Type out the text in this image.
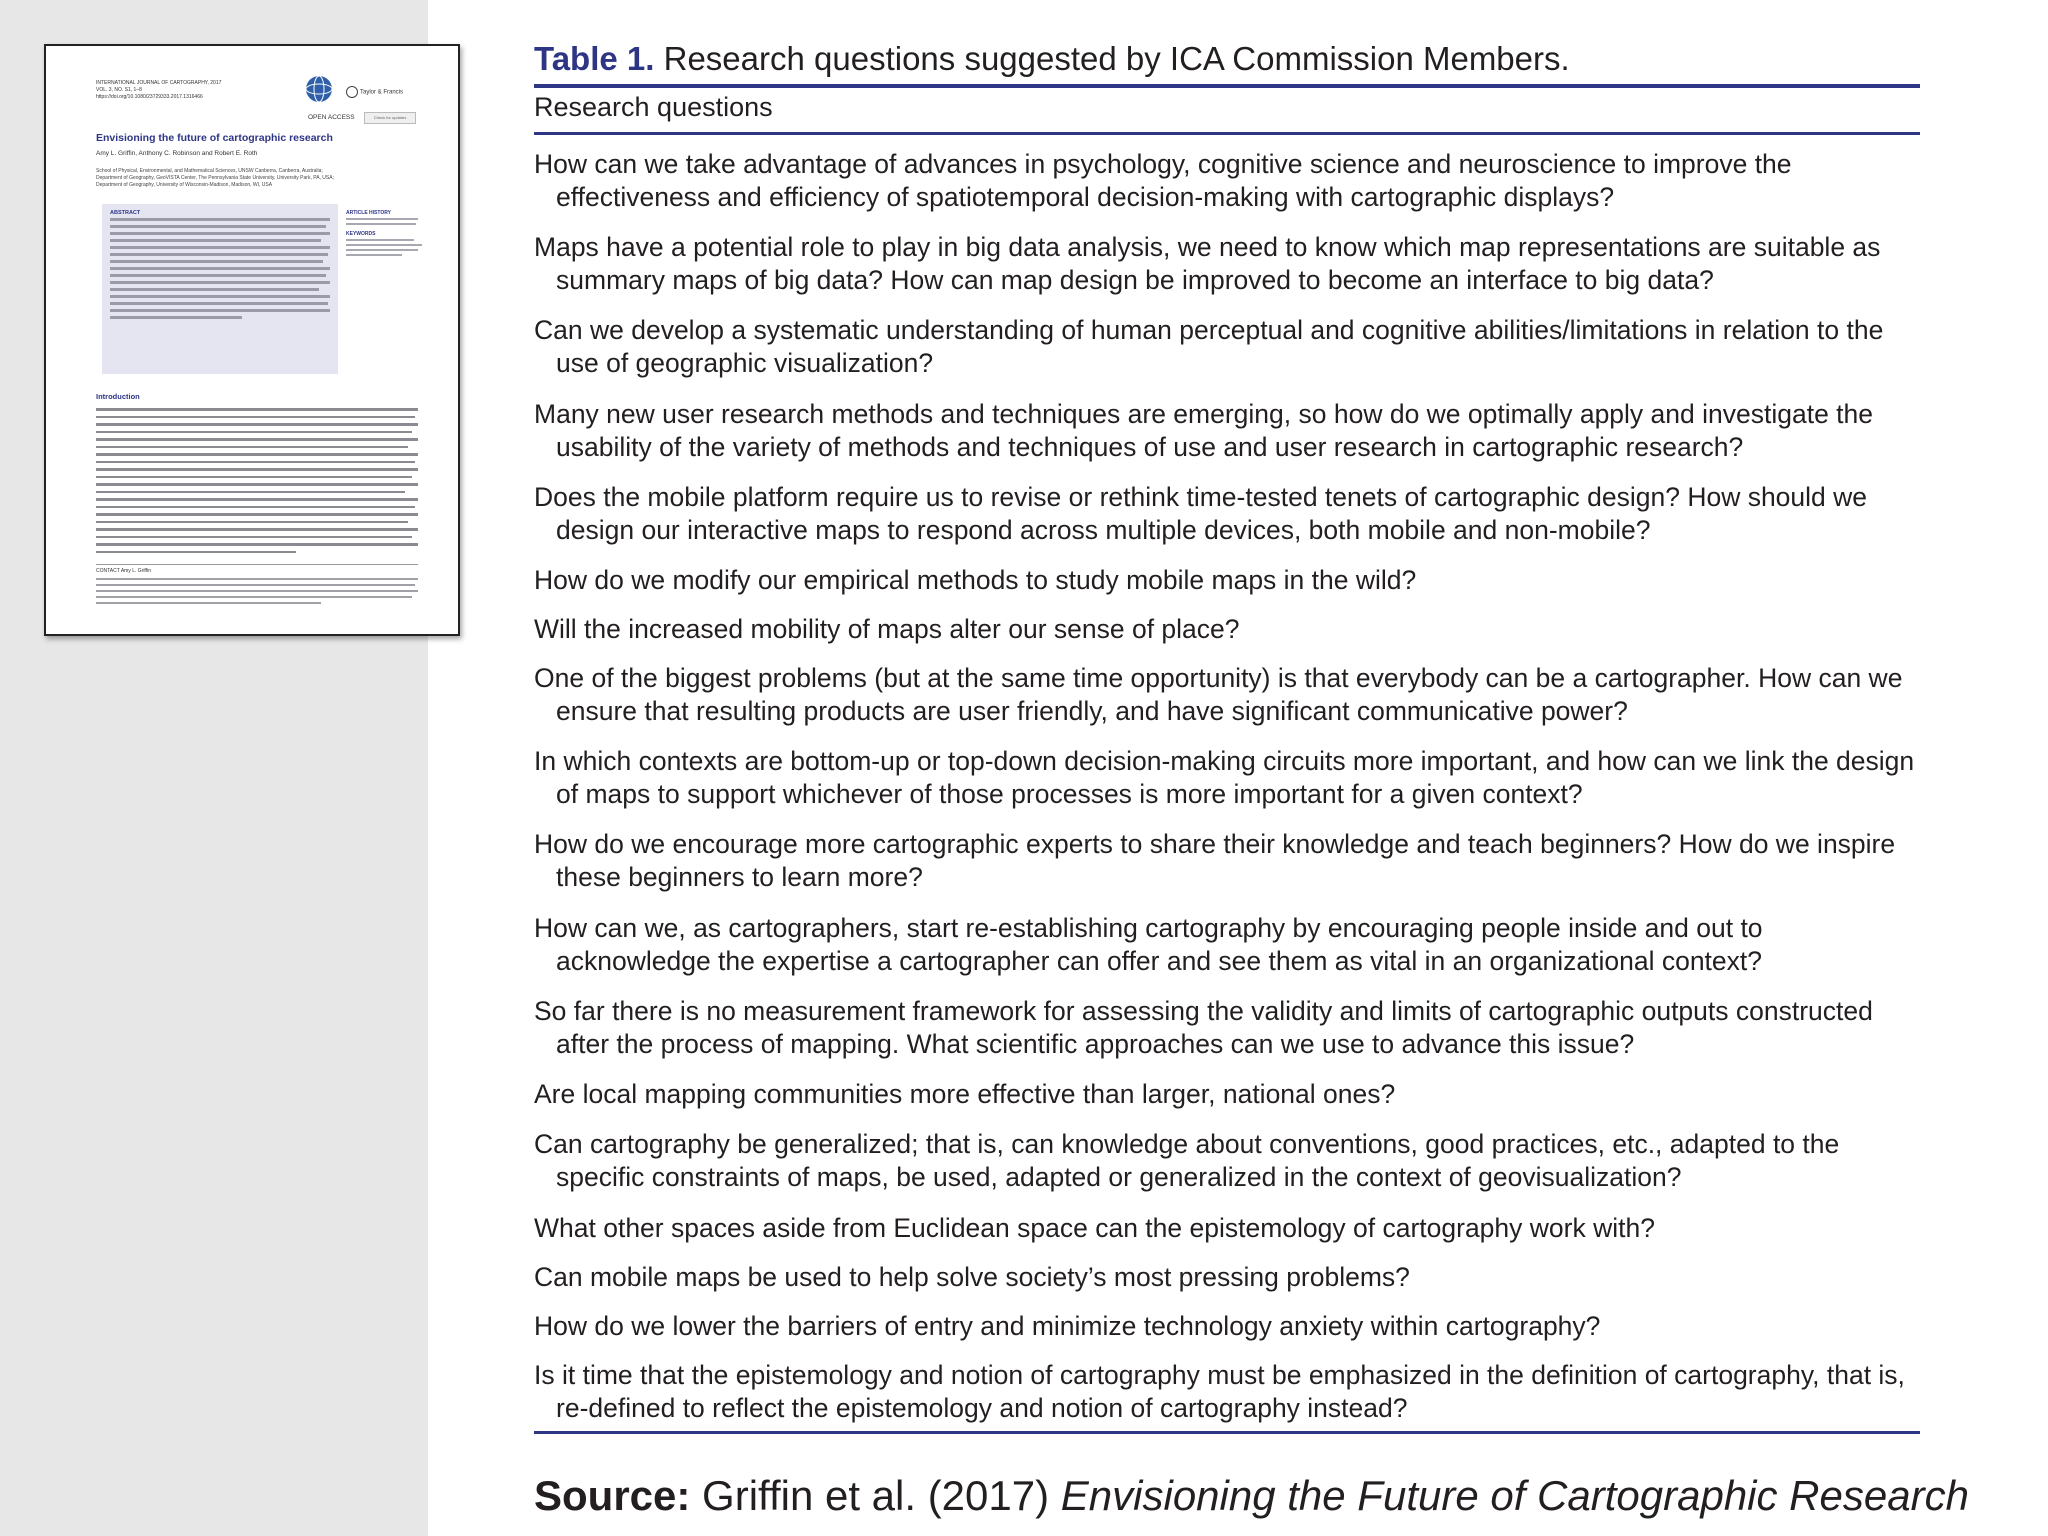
INTERNATIONAL JOURNAL OF CARTOGRAPHY, 2017
VOL. 3, NO. S1, 1–8
https://doi.org/10.1080/23729333.2017.1316466
Taylor & Francis
OPEN ACCESS	Check for updates
Envisioning the future of cartographic research
Amy L. Griffin, Anthony C. Robinson and Robert E. Roth
School of Physical, Environmental, and Mathematical Sciences, UNSW Canberra, Canberra, Australia;
Department of Geography, GeoVISTA Center, The Pennsylvania State University, University Park, PA, USA;
Department of Geography, University of Wisconsin-Madison, Madison, WI, USA
ABSTRACT	ARTICLE HISTORY
KEYWORDS
Introduction
CONTACT Amy L. Griffin
Table 1. Research questions suggested by ICA Commission Members.
Research questions
How can we take advantage of advances in psychology, cognitive science and neuroscience to improve the effectiveness and efficiency of spatiotemporal decision-making with cartographic displays?
Maps have a potential role to play in big data analysis, we need to know which map representations are suitable as summary maps of big data? How can map design be improved to become an interface to big data?
Can we develop a systematic understanding of human perceptual and cognitive abilities/limitations in relation to the use of geographic visualization?
Many new user research methods and techniques are emerging, so how do we optimally apply and investigate the usability of the variety of methods and techniques of use and user research in cartographic research?
Does the mobile platform require us to revise or rethink time-tested tenets of cartographic design? How should we design our interactive maps to respond across multiple devices, both mobile and non-mobile?
How do we modify our empirical methods to study mobile maps in the wild?
Will the increased mobility of maps alter our sense of place?
One of the biggest problems (but at the same time opportunity) is that everybody can be a cartographer. How can we ensure that resulting products are user friendly, and have significant communicative power?
In which contexts are bottom-up or top-down decision-making circuits more important, and how can we link the design of maps to support whichever of those processes is more important for a given context?
How do we encourage more cartographic experts to share their knowledge and teach beginners? How do we inspire these beginners to learn more?
How can we, as cartographers, start re-establishing cartography by encouraging people inside and out to acknowledge the expertise a cartographer can offer and see them as vital in an organizational context?
So far there is no measurement framework for assessing the validity and limits of cartographic outputs constructed after the process of mapping. What scientific approaches can we use to advance this issue?
Are local mapping communities more effective than larger, national ones?
Can cartography be generalized; that is, can knowledge about conventions, good practices, etc., adapted to the specific constraints of maps, be used, adapted or generalized in the context of geovisualization?
What other spaces aside from Euclidean space can the epistemology of cartography work with?
Can mobile maps be used to help solve society’s most pressing problems?
How do we lower the barriers of entry and minimize technology anxiety within cartography?
Is it time that the epistemology and notion of cartography must be emphasized in the definition of cartography, that is, re-defined to reflect the epistemology and notion of cartography instead?
Source: Griffin et al. (2017) Envisioning the Future of Cartographic Research
